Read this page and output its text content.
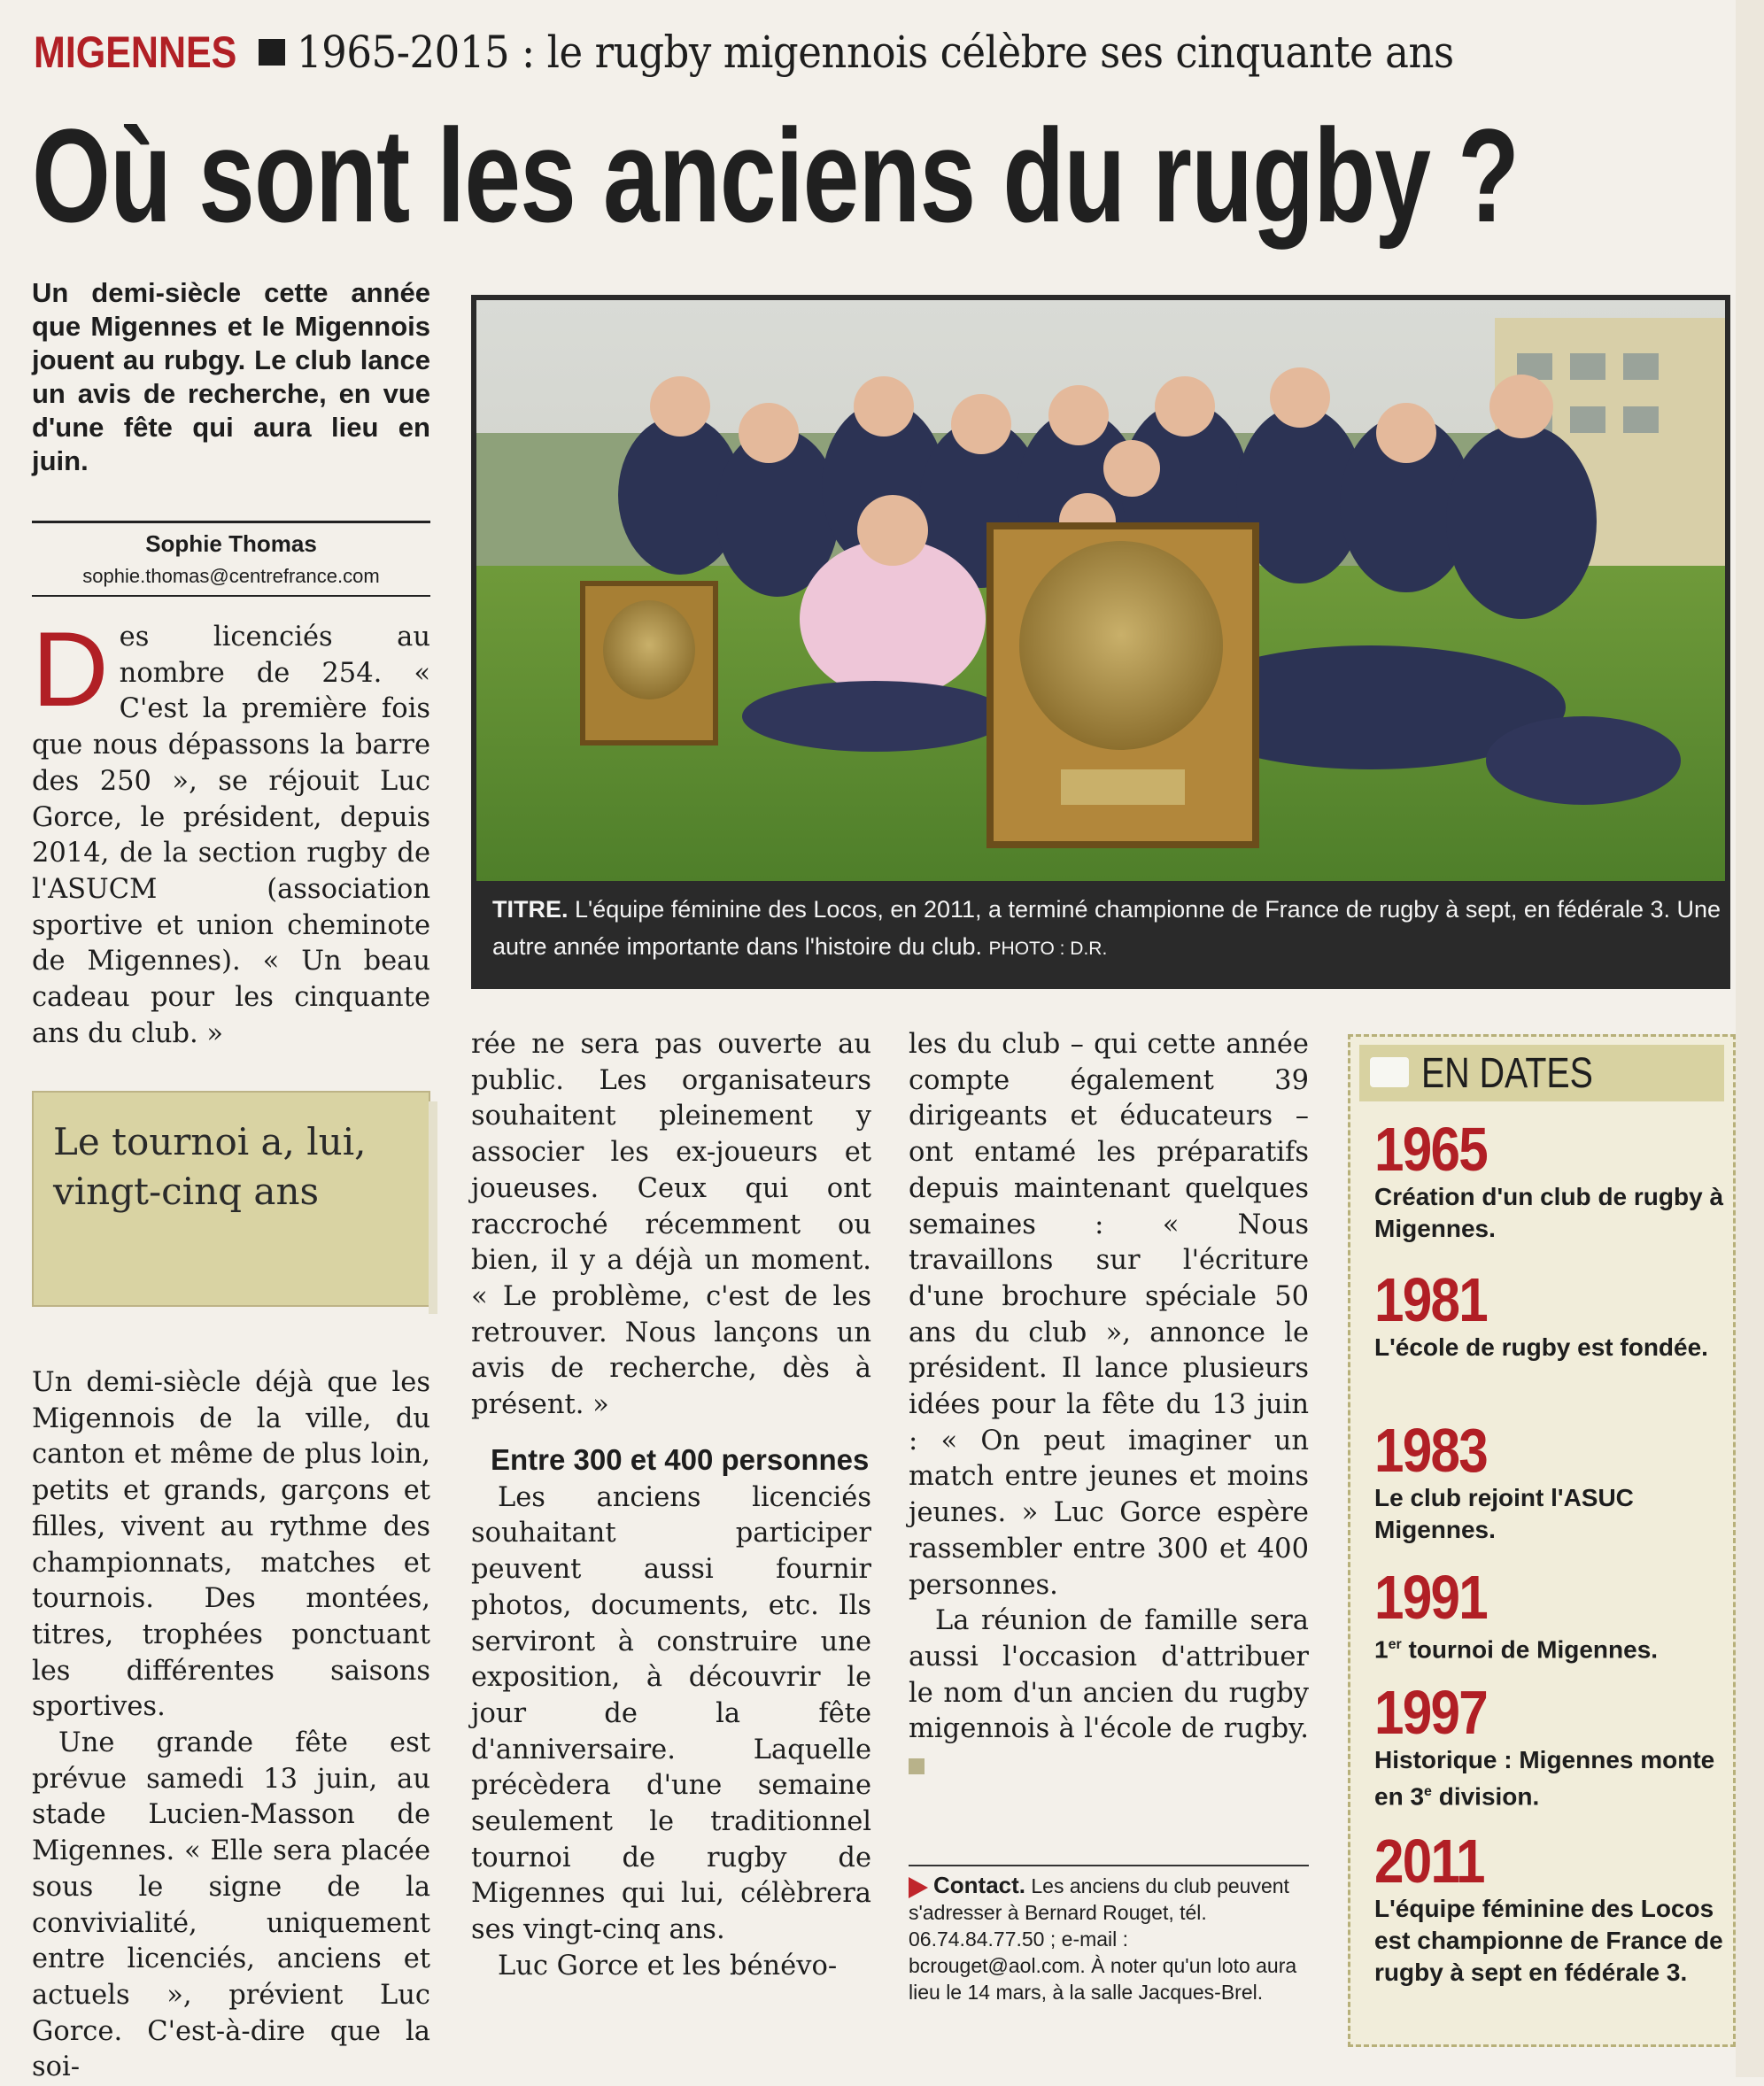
MIGENNES 1965-2015 : le rugby migennois célèbre ses cinquante ans
Où sont les anciens du rugby ?
Un demi-siècle cette année que Migennes et le Migennois jouent au rubgy. Le club lance un avis de recherche, en vue d'une fête qui aura lieu en juin.
Sophie Thomas
sophie.thomas@centrefrance.com

Des licenciés au nombre de 254. « C'est la première fois que nous dépassons la barre des 250 », se réjouit Luc Gorce, le président, depuis 2014, de la section rugby de l'ASUCM (association sportive et union cheminote de Migennes). « Un beau cadeau pour les cinquante ans du club. »

Le tournoi a, lui, vingt-cinq ans

Un demi-siècle déjà que les Migennois de la ville, du canton et même de plus loin, petits et grands, garçons et filles, vivent au rythme des championnats, matches et tournois. Des montées, titres, trophées ponctuant les différentes saisons sportives.

Une grande fête est prévue samedi 13 juin, au stade Lucien-Masson de Migennes. « Elle sera placée sous le signe de la convivialité, uniquement entre licenciés, anciens et actuels », prévient Luc Gorce. C'est-à-dire que la soi-

TITRE. L'équipe féminine des Locos, en 2011, a terminé championne de France de rugby à sept, en fédérale 3. Une autre année importante dans l'histoire du club. PHOTO : D.R.

rée ne sera pas ouverte au public. Les organisateurs souhaitent pleinement y associer les ex-joueurs et joueuses. Ceux qui ont raccroché récemment ou bien, il y a déjà un moment. « Le problème, c'est de les retrouver. Nous lançons un avis de recherche, dès à présent. »

Entre 300 et 400 personnes

Les anciens licenciés souhaitant participer peuvent aussi fournir photos, documents, etc. Ils serviront à construire une exposition, à découvrir le jour de la fête d'anniversaire. Laquelle précèdera d'une semaine seulement le traditionnel tournoi de rugby de Migennes qui lui, célèbrera ses vingt-cinq ans.

Luc Gorce et les bénévo-

les du club – qui cette année compte également 39 dirigeants et éducateurs – ont entamé les préparatifs depuis maintenant quelques semaines : « Nous travaillons sur l'écriture d'une brochure spéciale 50 ans du club », annonce le président. Il lance plusieurs idées pour la fête du 13 juin : « On peut imaginer un match entre jeunes et moins jeunes. » Luc Gorce espère rassembler entre 300 et 400 personnes.

La réunion de famille sera aussi l'occasion d'attribuer le nom d'un ancien du rugby migennois à l'école de rugby.

Contact. Les anciens du club peuvent s'adresser à Bernard Rouget, tél. 06.74.84.77.50 ; e-mail : bcrouget@aol.com. À noter qu'un loto aura lieu le 14 mars, à la salle Jacques-Brel.
EN DATES
1965
Création d'un club de rugby à Migennes.
1981
L'école de rugby est fondée.
1983
Le club rejoint l'ASUC Migennes.
1991
1er tournoi de Migennes.
1997
Historique : Migennes monte en 3e division.
2011
L'équipe féminine des Locos est championne de France de rugby à sept en fédérale 3.
